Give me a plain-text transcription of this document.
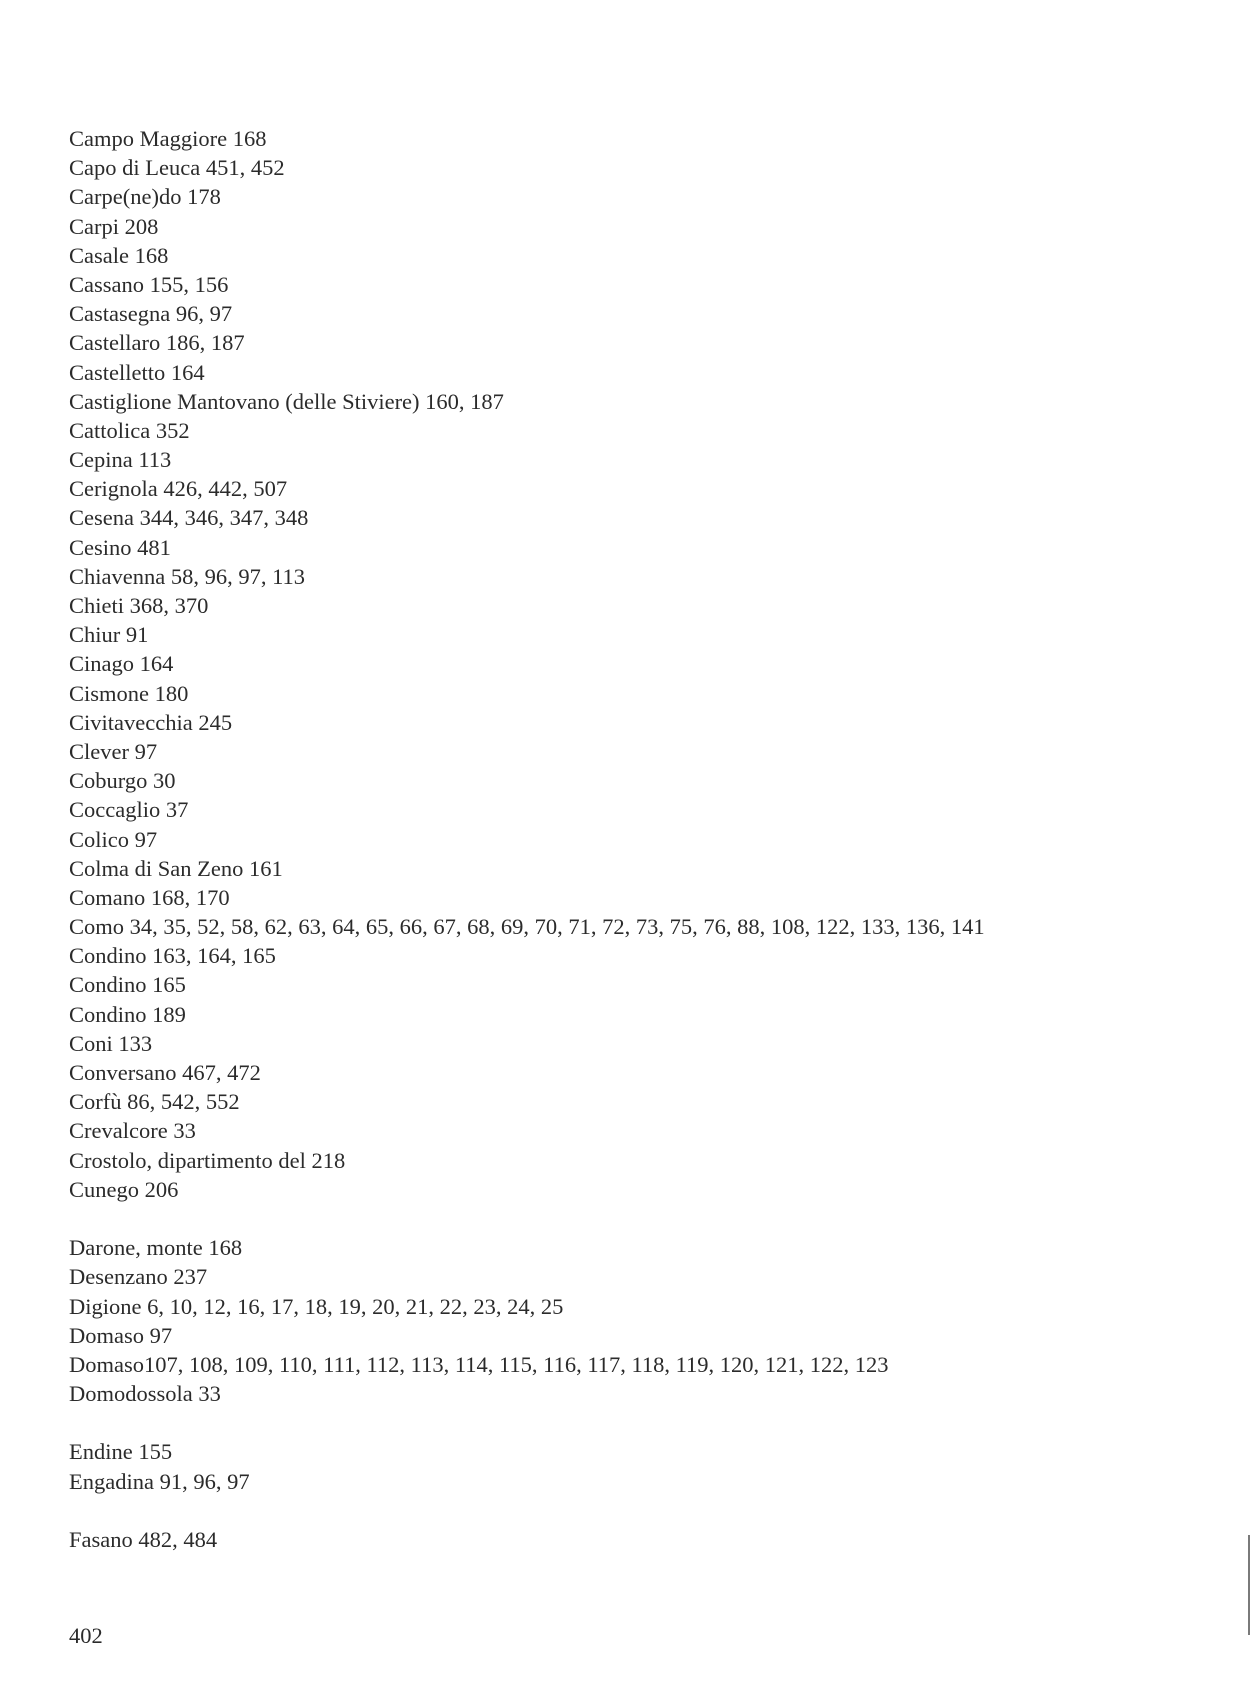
Campo Maggiore 168
Capo di Leuca 451, 452
Carpe(ne)do 178
Carpi 208
Casale 168
Cassano 155, 156
Castasegna 96, 97
Castellaro 186, 187
Castelletto 164
Castiglione Mantovano (delle Stiviere) 160, 187
Cattolica 352
Cepina 113
Cerignola 426, 442, 507
Cesena 344, 346, 347, 348
Cesino 481
Chiavenna 58, 96, 97, 113
Chieti 368, 370
Chiur 91
Cinago 164
Cismone 180
Civitavecchia 245
Clever 97
Coburgo 30
Coccaglio 37
Colico 97
Colma di San Zeno 161
Comano 168, 170
Como 34, 35, 52, 58, 62, 63, 64, 65, 66, 67, 68, 69, 70, 71, 72, 73, 75, 76, 88, 108, 122, 133, 136, 141
Condino 163, 164, 165
Condino 165
Condino 189
Coni 133
Conversano 467, 472
Corfù 86, 542, 552
Crevalcore 33
Crostolo, dipartimento del 218
Cunego 206
Darone, monte 168
Desenzano 237
Digione 6, 10, 12, 16, 17, 18, 19, 20, 21, 22, 23, 24, 25
Domaso 97
Domaso107, 108, 109, 110, 111, 112, 113, 114, 115, 116, 117, 118, 119, 120, 121, 122, 123
Domodossola 33
Endine 155
Engadina 91, 96, 97
Fasano 482, 484
402
